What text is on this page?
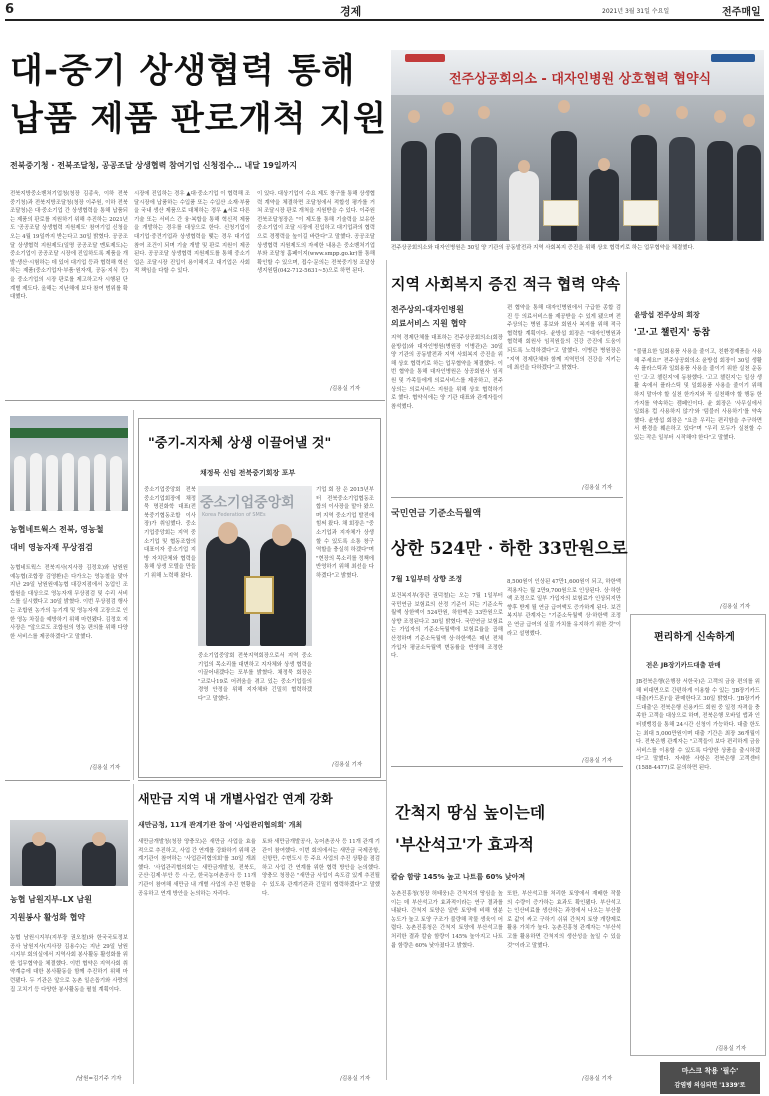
6	경제	2021년 3월 31일 수요일	전주매일
대-중기 상생협력 통해
납품 제품 판로개척 지원
전북중기청 · 전북조달청, 공공조달 상생협력 참여기업 신청접수… 내달 19일까지
전북지방중소벤처기업청(청장 김종욱, 이하 전북중기청)과 전북지방조달청(청장 이주원, 이하 전북조달청)은 대·중소기업 간 상생협력을 통해 납품되는 제품의 판로를 지원하기 위해 추진하는 2021년도 '공공조달 상생협력 지원제도' 참여기업 신청을 오는 4월 19일까지 받는다고 30일 밝혔다. 공공조달 상생협력 지원제도(일명 공공조달 멘토제도)는 중소기업이 공공조달 시장에 진입하도록 제품을 개발·생산·시험하는 데 있어 대기업 등과 협력해 혁신하는 제품(중소기업자·부품·원자재, 공동·지식 등)을 중소기업의 시장 판로를 제고하고자 시행된 단계별 제도다. 올해는 지난해에 보다 참여 범위를 확대했다.
시장에 진입하는 경우 ▲대·중소기업 이 협력해 조달시장에 납품하는 수입품 또는 수입산 소재·부품을 국내 생산 제품으로 대체하는 경우 ▲서로 다른 기술 또는 서비스 간 융·복합을 통해 혁신적 제품을 개발하는 경우를 대상으로 한다. 신청기업이 대기업·중견기업과 상생협력을 맺는 경우 대기업 참여 조건이 되며 기술 개발 및 판로 지원이 제공된다. 공공조달 상생협력 지원제도를 통해 중소기업은 조달시장 진입이 용이해지고 대기업은 사회적 책임을 다할 수 있다.
이 있다. 대상기업이 수요 제도 창구를 통해 상생협력 계약을 체결하면 조달청에서 적합성 평가를 거쳐 조달시장 판로 개척을 지원받을 수 있다. 이주원 전북조달청장은 "이 제도를 통해 기술력을 보유한 중소기업이 조달 시장에 진입하고 대기업과의 협력으로 경쟁력을 높이길 바란다"고 말했다. 공공조달 상생협력 지원제도의 자세한 내용은 중소벤처기업부와 조달청 홈페이지(www.smpp.go.kr)를 통해 확인할 수 있으며, 접수·문의는 전북중기청 조달상생지원팀(042-712-5631~5)으로 하면 된다.
/김용실 기자
전주상공회의소 - 대자인병원 상호협력 협약식
전주상공회의소와 대자인병원은 30일 양 기관의 공동발전과 지역 사회복지 증진을 위해 상호 협력키로 하는 업무협약을 체결했다.
지역 사회복지 증진 적극 협력 약속
전주상의-대자인병원
의료서비스 지원 협약
지역 경제단체를 대표하는 전주상공회의소(회장 윤방섭)와 대자인병원(병원장 이병관)은 30일 양 기관의 공동발전과 지역 사회복지 증진을 위해 상호 협력키로 하는 업무협약을 체결했다. 이번 협약을 통해 대자인병원은 상공회원사 임직원 및 가족들에게 의료서비스를 제공하고, 전주상의는 의료서비스 지원을 위해 상호 협력하기로 했다. 협약식에는 양 기관 대표와 관계자들이 참석했다.
편 협약을 통해 대자인병원에서 구급한 종합 검진 등 의료서비스를 제공받을 수 있게 됐으며 전주상의는 병원 홍보와 회원사 복지를 위해 적극 협력할 계획이다. 윤방섭 회장은 "대자인병원과 협력해 회원사 임직원들의 건강 증진에 도움이 되도록 노력하겠다"고 말했다. 이병관 병원장은 "지역 경제단체와 함께 지역민의 건강을 지키는 데 최선을 다하겠다"고 밝혔다.
/김용실 기자
윤방섭 전주상의 회장
'고·고 챌린지' 동참
"불필요한 일회용품 사용을 줄이고, 친환경제품을 사용해 주세요!" 전주상공회의소 윤방섭 회장이 30일 생활 속 플라스틱과 일회용품 사용을 줄이기 위한 실천 운동인 '고·고 챌린지'에 동참했다. '고고 챌린지'는 일상 생활 속에서 플라스틱 및 일회용품 사용을 줄이기 위해 하지 말아야 할 실천 한가지와 꼭 실천해야 할 행동 한가지를 약속하는 캠페인이다. 윤 회장은 '사무실에서 일회용 컵 사용하지 않기'와 '텀블러 사용하기'를 약속했다. 윤방섭 회장은 "요즘 우리는 편리함을 추구하면서 환경을 훼손하고 있다"며 "우리 모두가 실천할 수 있는 작은 일부터 시작해야 한다"고 말했다.
/김용실 기자
농협네트웍스 전북, 영농철
대비 영농자재 무상점검
농협네트웍스 전북지사(지사장 김정호)와 남원원예농협(조합장 김영환)은 다가오는 영농철을 맞아 지난 29일 남원원예농협 대강지점에서 농업인 조합원을 대상으로 영농자재 무상점검 및 수리 서비스를 실시했다고 30일 밝혔다. 이번 무상점검 행사는 조합원 농가의 농기계 및 영농자재 고장으로 인한 영농 차질을 예방하기 위해 마련됐다. 김정호 지사장은 "앞으로도 조합원의 영농 편의를 위해 다양한 서비스를 제공하겠다"고 말했다.
/김용실 기자
"중기-지자체 상생 이끌어낼 것"
채정묵 신임 전북중기회장 포부
중소기업중앙회 전북중소기업회장에 채정묵 명진화학 대표(전북중기협동조합 이사장)가 취임했다. 중소기업중앙회는 지역 중소기업 및 협동조합의 대표이자 중소기업 지방 자치단체와 협력을 통해 상생 모델을 만들기 위해 노력해 왔다.
중소기업중앙회
Korea Federation of SMEs
중소기업중앙회 전북지역회장으로서 지역 중소기업의 목소리를 대변하고 지자체와 상생 협력을 이끌어내겠다는 포부를 밝혔다. 채정묵 회장은 "코로나19로 어려움을 겪고 있는 중소기업들의 경영 안정을 위해 지자체와 긴밀히 협력하겠다"고 말했다.
기업 회 장 은 2015년부터 전북중소기업협동조합의 이사장을 맡아 왔으며 지역 중소기업 발전에 힘써 왔다. 채 회장은 "중소기업과 지자체가 상생할 수 있도록 소통 창구 역할을 충실히 하겠다"며 "현장의 목소리를 정책에 반영하기 위해 최선을 다하겠다"고 밝혔다.
/김용실 기자
국민연금 기준소득월액
상한 524만 · 하한 33만원으로
7월 1일부터 상향 조정
보건복지부(장관 권덕철)는 오는 7월 1일부터 국민연금 보험료의 산정 기준이 되는 기준소득월액 상한액이 524만원, 하한액은 33만원으로 상향 조정된다고 30일 밝혔다. 국민연금 보험료는 가입자의 기준소득월액에 보험료율을 곱해 산정하며 기준소득월액 상·하한액은 매년 전체 가입자 평균소득월액 변동률을 반영해 조정한다.
8,500원이 인상된 47만1,600원이 되고, 하한액 적용자는 월 2만9,700원으로 인상된다. 상·하한액 조정으로 일부 가입자의 보험료가 인상되지만 향후 받게 될 연금 급여액도 증가하게 된다. 보건복지부 관계자는 "기준소득월액 상·하한액 조정은 연금 급여의 실질 가치를 유지하기 위한 것"이라고 설명했다.
/김용실 기자
편리하게 신속하게
전은 JB장기카드대출 판매
JB전북은행(은행장 서한국)은 고객의 금융 편의를 위해 비대면으로 간편하게 이용할 수 있는 'JB장기카드대출(카드론)'을 판매한다고 30일 밝혔다. 'JB장기카드대출'은 전북은행 신용카드 회원 중 일정 자격을 충족한 고객을 대상으로 하며, 전북은행 모바일 앱과 인터넷뱅킹을 통해 24시간 신청이 가능하다. 대출 한도는 최대 5,000만원이며 대출 기간은 최장 36개월이다. 전북은행 관계자는 "고객들이 보다 편리하게 금융 서비스를 이용할 수 있도록 다양한 상품을 출시하겠다"고 말했다. 자세한 사항은 전북은행 고객센터(1588-4477)로 문의하면 된다.
/김용실 기자
마스크 착용 '필수'
감염병 의심되면 '1339'로
새만금 지역 내 개별사업간 연계 강화
새만금청, 11개 관계기관 참여 '사업관리협의회' 개최
새만금개발청(청장 양충모)은 새만금 사업을 효율적으로 추진하고, 사업 간 연계를 강화하기 위해 관계기관이 참여하는 '사업관리협의회'를 30일 개최했다. '사업관리협의회'는 새만금개발청, 전북도, 군산·김제·부안 등 시·군, 한국농어촌공사 등 11개 기관이 참여해 새만금 내 개별 사업의 추진 현황을 공유하고 연계 방안을 논의하는 자리다.
토와 새만금개발공사, 농어촌공사 등 11개 관계 기관이 참여했다. 이번 회의에서는 새만금 국제공항, 신항만, 수변도시 등 주요 사업의 추진 상황을 점검하고 사업 간 연계를 위한 협력 방안을 논의했다. 양충모 청장은 "새만금 사업이 속도감 있게 추진될 수 있도록 관계기관과 긴밀히 협력하겠다"고 말했다.
/김용실 기자
농협 남원지부-LX 남원
지원봉사 활성화 협약
농협 남원시지부(지부장 권오철)와 한국국토정보공사 남원지사(지사장 김용수)는 지난 29일 남원시지부 회의실에서 지역사회 봉사활동 활성화를 위한 업무협약을 체결했다. 이번 협약은 지역사회 취약계층에 대한 봉사활동을 함께 추진하기 위해 마련됐다. 두 기관은 앞으로 농촌 일손돕기와 사랑의 집 고치기 등 다양한 봉사활동을 펼칠 계획이다.
/남원=김기주 기자
간척지 땅심 높이는데
'부산석고'가 효과적
칼슘 함량 145% 높고 나트륨 60% 낮아져
농촌진흥청(청장 허태웅)은 간척지의 땅심을 높이는 데 부산석고가 효과적이라는 연구 결과를 내놨다. 간척지 토양은 일반 토양에 비해 염분 농도가 높고 토양 구조가 불량해 작물 생육이 어렵다. 농촌진흥청은 간척지 토양에 부산석고를 처리한 결과 칼슘 함량이 145% 높아지고 나트륨 함량은 60% 낮아졌다고 밝혔다.
또한, 부산석고를 처리한 토양에서 재배한 작물의 수량이 증가하는 효과도 확인됐다. 부산석고는 인산비료를 생산하는 과정에서 나오는 부산물로 값이 싸고 구하기 쉬워 간척지 토양 개량제로 활용 가치가 높다. 농촌진흥청 관계자는 "부산석고를 활용하면 간척지의 생산성을 높일 수 있을 것"이라고 말했다.
/김용실 기자
